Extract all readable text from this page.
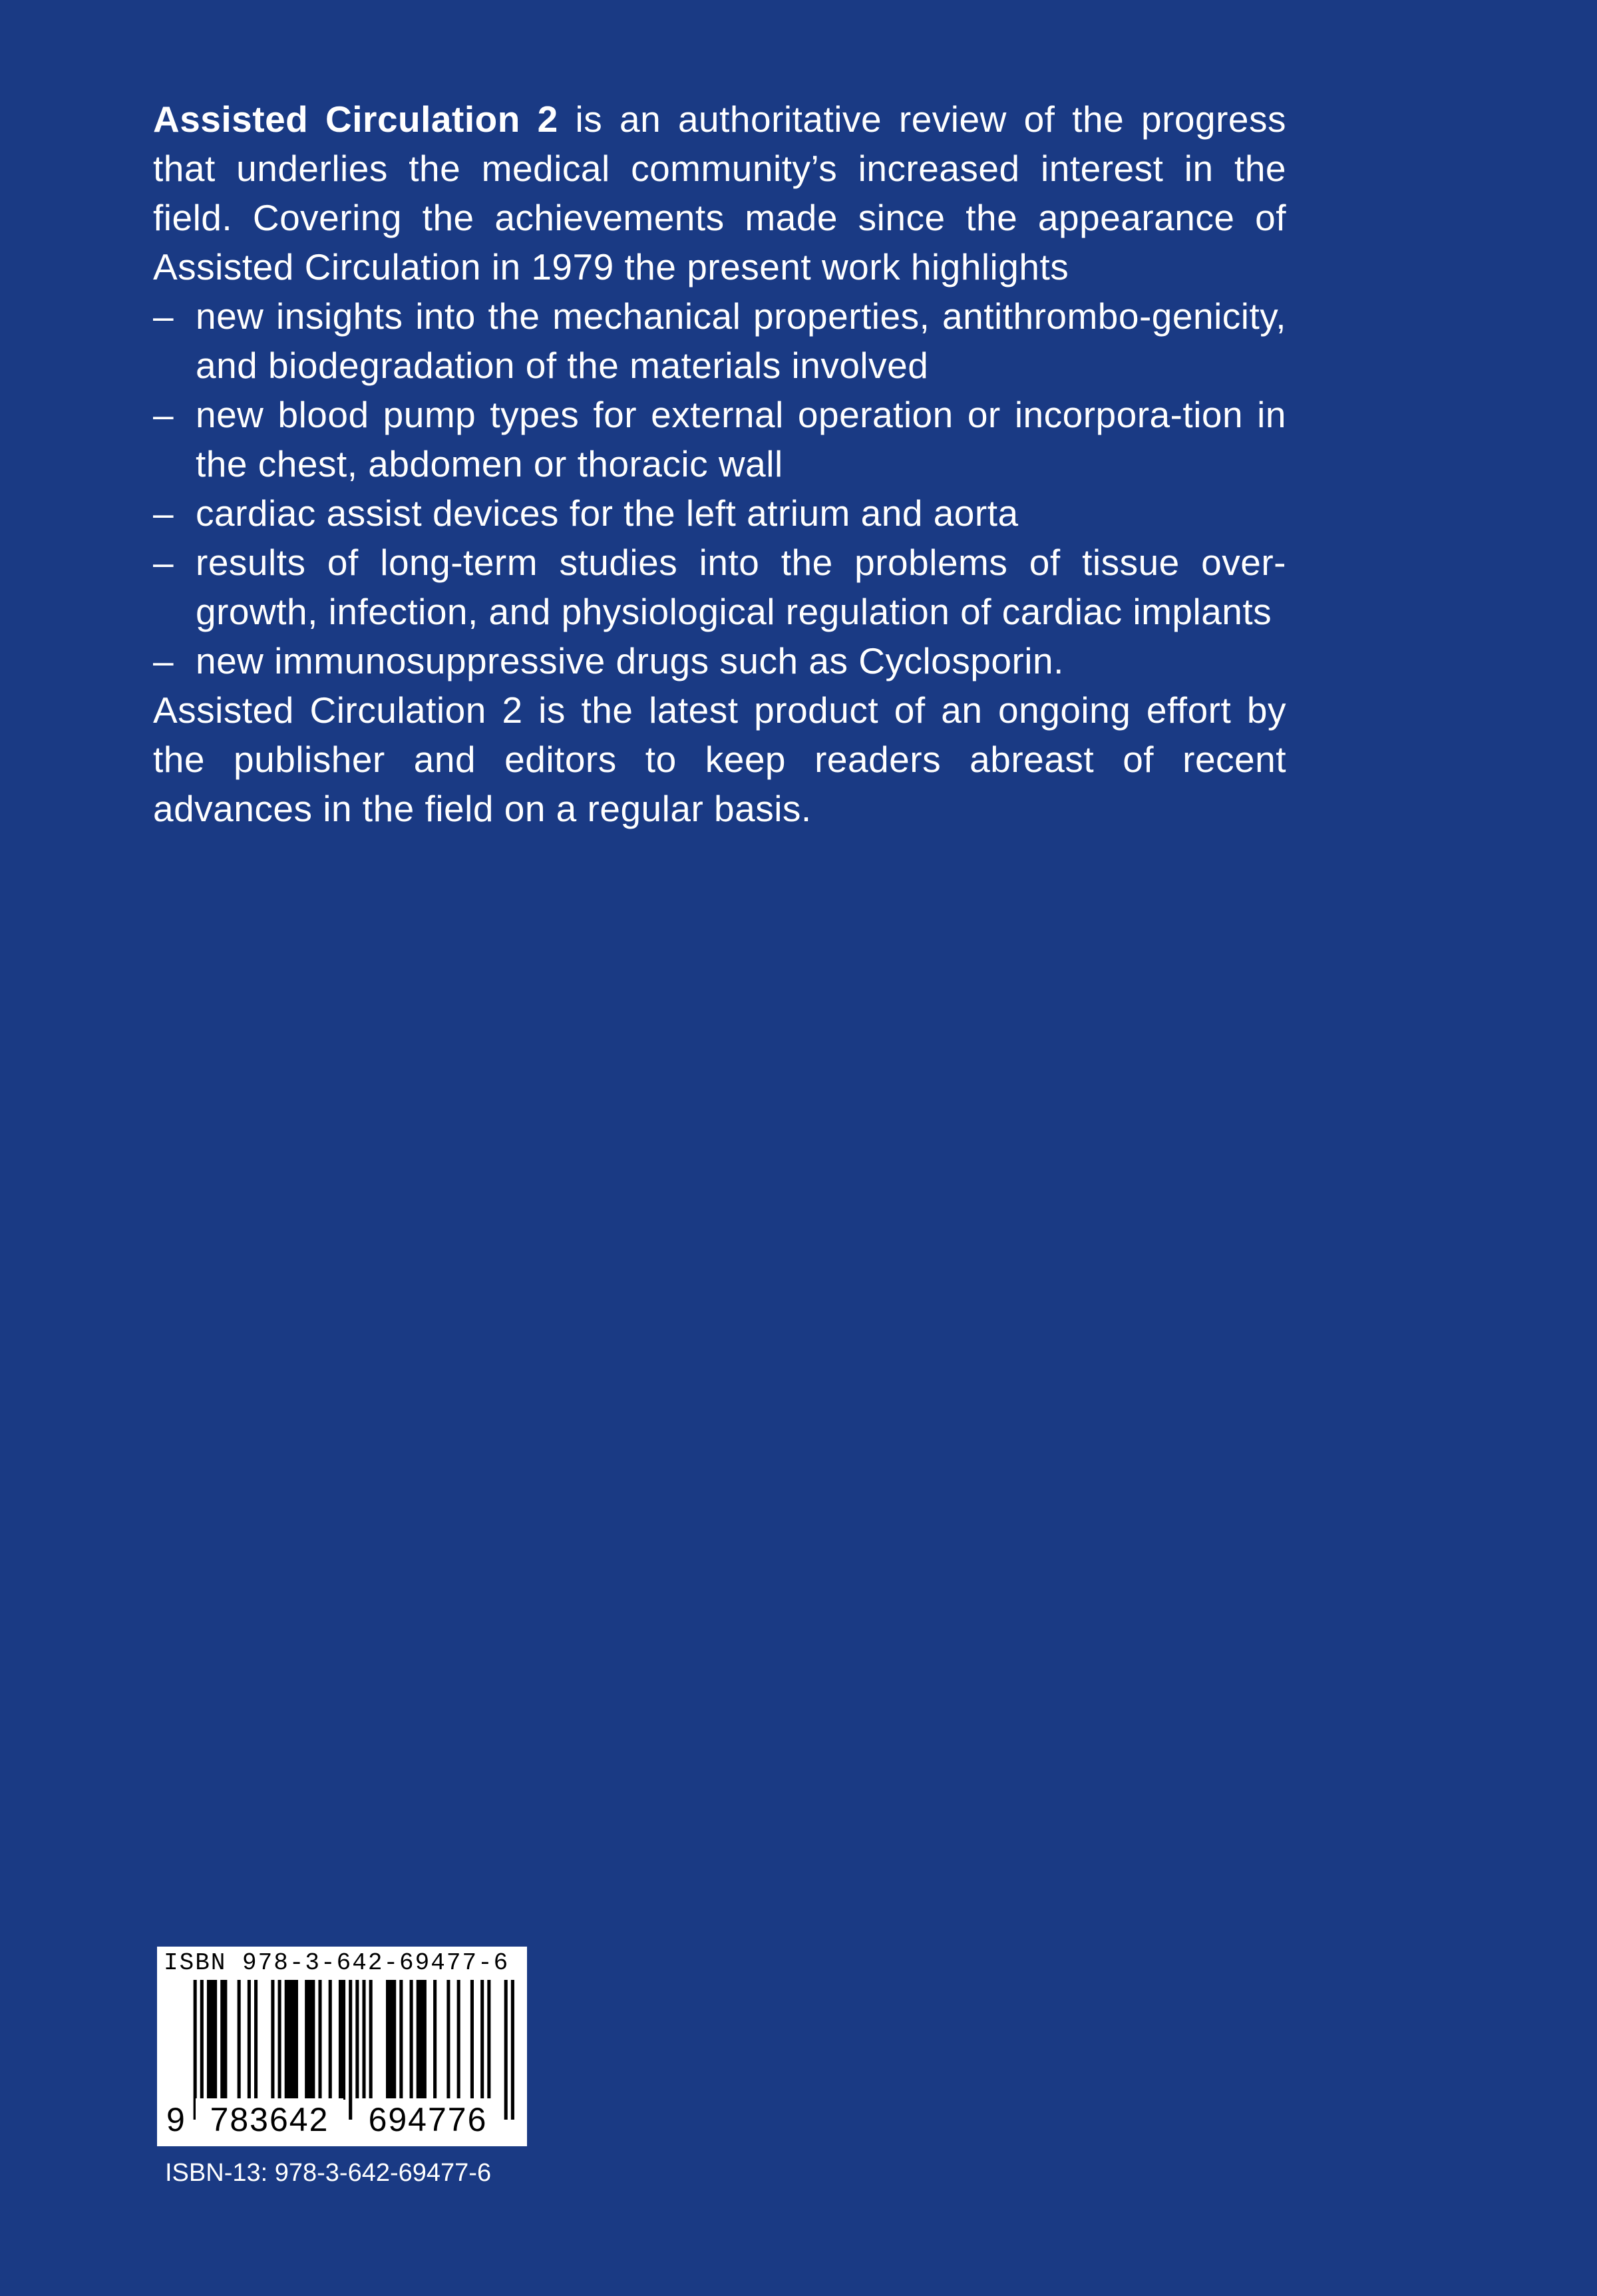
Assisted Circulation 2 is an authoritative review of the progress that underlies the medical community’s increased interest in the field. Covering the achievements made since the appearance of Assisted Circulation in 1979 the present work highlights

– new insights into the mechanical properties, antithrombo-genicity, and biodegradation of the materials involved
– new blood pump types for external operation or incorpora-tion in the chest, abdomen or thoracic wall
– cardiac assist devices for the left atrium and aorta
– results of long-term studies into the problems of tissue over-growth, infection, and physiological regulation of cardiac implants
– new immunosuppressive drugs such as Cyclosporin.

Assisted Circulation 2 is the latest product of an ongoing effort by the publisher and editors to keep readers abreast of recent advances in the field on a regular basis.

ISBN 978-3-642-69477-6
9 783642	694776
ISBN-13: 978-3-642-69477-6
